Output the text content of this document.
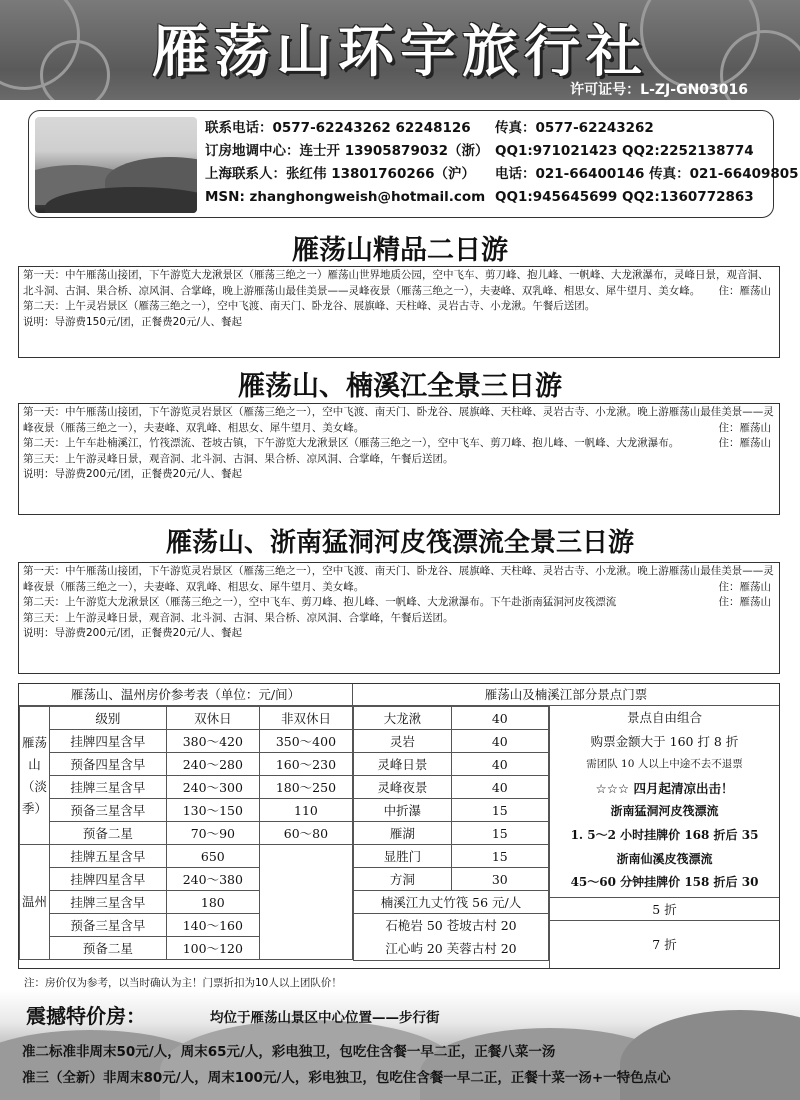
雁荡山环宇旅行社
许可证号：L-ZJ-GN03016
联系电话：0577-62243262 62248126 传真：0577-62243262
订房地调中心：连士开 13905879032（浙） QQ1:971021423 QQ2:2252138774
上海联系人：张红伟 13801760266（沪） 电话：021-66400146 传真：021-66409805
MSN: zhanghongweish@hotmail.com QQ1:945645699 QQ2:1360772863
雁荡山精品二日游
第一天：中午雁荡山接团，下午游览大龙湫景区（雁荡三绝之一）雁荡山世界地质公园，空中飞车、剪刀峰、抱儿峰、一帆峰、大龙湫瀑布，灵峰日景，观音洞、北斗洞、古洞、果合桥、凉风洞、合掌峰，晚上游雁荡山最佳美景——灵峰夜景（雁荡三绝之一），夫妻峰、双乳峰、相思女、犀牛望月、美女峰。 住：雁荡山
第二天：上午灵岩景区（雁荡三绝之一），空中飞渡、南天门、卧龙谷、展旗峰、天柱峰、灵岩古寺、小龙湫。午餐后送团。
说明：导游费150元/团，正餐费20元/人、餐起
雁荡山、楠溪江全景三日游
第一天：中午雁荡山接团，下午游览灵岩景区（雁荡三绝之一），空中飞渡、南天门、卧龙谷、展旗峰、天柱峰、灵岩古寺、小龙湫。晚上游雁荡山最佳美景——灵峰夜景（雁荡三绝之一），夫妻峰、双乳峰、相思女、犀牛望月、美女峰。	住：雁荡山
第二天：上午车赴楠溪江，竹筏漂流、苍坡古镇，下午游览大龙湫景区（雁荡三绝之一），空中飞车、剪刀峰、抱儿峰、一帆峰、大龙湫瀑布。	住：雁荡山
第三天：上午游灵峰日景，观音洞、北斗洞、古洞、果合桥、凉风洞、合掌峰，午餐后送团。
说明：导游费200元/团，正餐费20元/人、餐起
雁荡山、浙南猛洞河皮筏漂流全景三日游
第一天：中午雁荡山接团，下午游览灵岩景区（雁荡三绝之一），空中飞渡、南天门、卧龙谷、展旗峰、天柱峰、灵岩古寺、小龙湫。晚上游雁荡山最佳美景——灵峰夜景（雁荡三绝之一），夫妻峰、双乳峰、相思女、犀牛望月、美女峰。	住：雁荡山
第二天：上午游览大龙湫景区（雁荡三绝之一），空中飞车、剪刀峰、抱儿峰、一帆峰、大龙湫瀑布。下午赴浙南猛洞河皮筏漂流	住：雁荡山
第三天：上午游灵峰日景，观音洞、北斗洞、古洞、果合桥、凉风洞、合掌峰，午餐后送团。
说明：导游费200元/团，正餐费20元/人、餐起
雁荡山、温州房价参考表（单位：元/间）	雁荡山及楠溪江部分景点门票
雁荡山（淡季）	级别	双休日	非双休日
	挂牌四星含早	380～420	350～400
	预备四星含早	240～280	160～230
	挂牌三星含早	240～300	180～250
	预备三星含早	130～150	110
	预备二星	70～90	60～80
温州	挂牌五星含早	650	
	挂牌四星含早	240～380	
	挂牌三星含早	180	
	预备三星含早	140～160	
	预备二星	100～120	
大龙湫	40
灵岩	40
灵峰日景	40
灵峰夜景	40
中折瀑	15
雁湖	15
显胜门	15
方洞	30
楠溪江九丈竹筏 56 元/人	

石桅岩 50 苍坡古村 20
江心屿 20 芙蓉古村 20	
景点自由组合
购票金额大于 160 打 8 折
需团队 10 人以上中途不去不退票
☆☆☆ 四月起清凉出击！
浙南猛洞河皮筏漂流
1. 5～2 小时挂牌价 168 折后 35
浙南仙溪皮筏漂流
45～60 分钟挂牌价 158 折后 30
5 折
7 折
注：房价仅为参考，以当时确认为主！门票折扣为10人以上团队价！
震撼特价房：	均位于雁荡山景区中心位置——步行街
准二标准非周末50元/人，周末65元/人，彩电独卫，包吃住含餐一早二正，正餐八菜一汤
准三（全新）非周末80元/人，周末100元/人，彩电独卫，包吃住含餐一早二正，正餐十菜一汤+一特色点心
